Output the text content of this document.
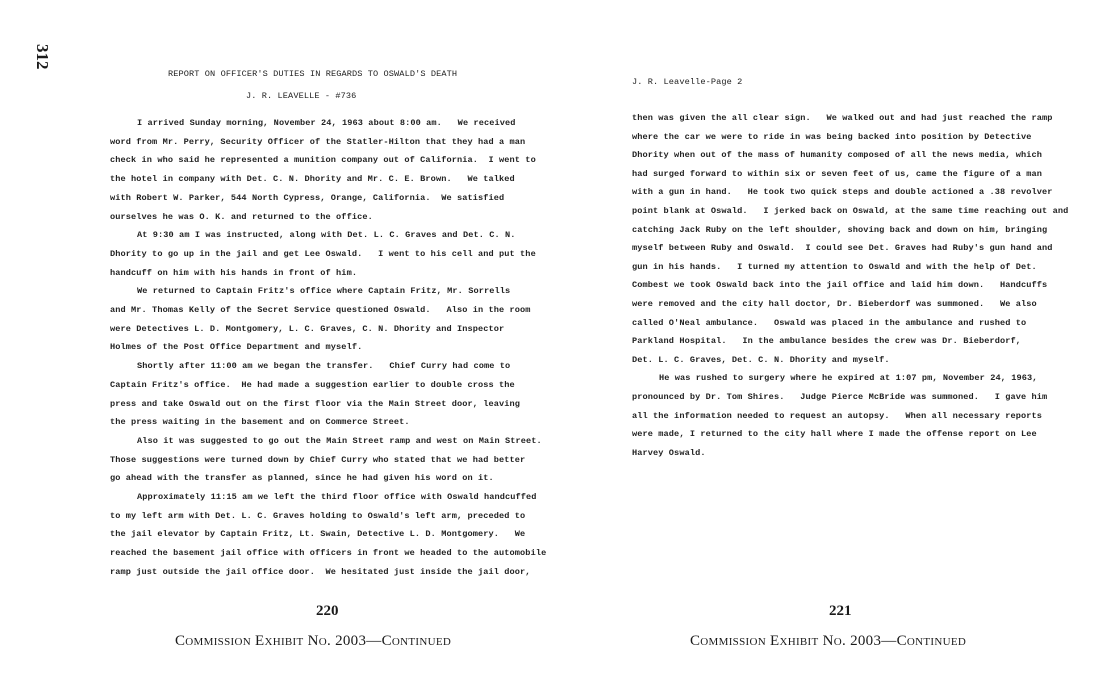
312
REPORT ON OFFICER'S DUTIES IN REGARDS TO OSWALD'S DEATH
J. R. LEAVELLE - #736
I arrived Sunday morning, November 24, 1963 about 8:00 am.   We received
word from Mr. Perry, Security Officer of the Statler-Hilton that they had a man
check in who said he represented a munition company out of California.  I went to
the hotel in company with Det. C. N. Dhority and Mr. C. E. Brown.   We talked
with Robert W. Parker, 544 North Cypress, Orange, California.  We satisfied
ourselves he was O. K. and returned to the office.
At 9:30 am I was instructed, along with Det. L. C. Graves and Det. C. N.
Dhority to go up in the jail and get Lee Oswald.   I went to his cell and put the
handcuff on him with his hands in front of him.
We returned to Captain Fritz's office where Captain Fritz, Mr. Sorrells
and Mr. Thomas Kelly of the Secret Service questioned Oswald.   Also in the room
were Detectives L. D. Montgomery, L. C. Graves, C. N. Dhority and Inspector
Holmes of the Post Office Department and myself.
Shortly after 11:00 am we began the transfer.   Chief Curry had come to
Captain Fritz's office.  He had made a suggestion earlier to double cross the
press and take Oswald out on the first floor via the Main Street door, leaving
the press waiting in the basement and on Commerce Street.
Also it was suggested to go out the Main Street ramp and west on Main Street.
Those suggestions were turned down by Chief Curry who stated that we had better
go ahead with the transfer as planned, since he had given his word on it.
Approximately 11:15 am we left the third floor office with Oswald handcuffed
to my left arm with Det. L. C. Graves holding to Oswald's left arm, preceded to
the jail elevator by Captain Fritz, Lt. Swain, Detective L. D. Montgomery.   We
reached the basement jail office with officers in front we headed to the automobile
ramp just outside the jail office door.  We hesitated just inside the jail door,
220
Commission Exhibit No. 2003—Continued
J. R. Leavelle-Page 2
then was given the all clear sign.   We walked out and had just reached the ramp
where the car we were to ride in was being backed into position by Detective
Dhority when out of the mass of humanity composed of all the news media, which
had surged forward to within six or seven feet of us, came the figure of a man
with a gun in hand.   He took two quick steps and double actioned a .38 revolver
point blank at Oswald.   I jerked back on Oswald, at the same time reaching out and
catching Jack Ruby on the left shoulder, shoving back and down on him, bringing
myself between Ruby and Oswald.  I could see Det. Graves had Ruby's gun hand and
gun in his hands.   I turned my attention to Oswald and with the help of Det.
Combest we took Oswald back into the jail office and laid him down.   Handcuffs
were removed and the city hall doctor, Dr. Bieberdorf was summoned.   We also
called O'Neal ambulance.   Oswald was placed in the ambulance and rushed to
Parkland Hospital.   In the ambulance besides the crew was Dr. Bieberdorf,
Det. L. C. Graves, Det. C. N. Dhority and myself.
He was rushed to surgery where he expired at 1:07 pm, November 24, 1963,
pronounced by Dr. Tom Shires.   Judge Pierce McBride was summoned.   I gave him
all the information needed to request an autopsy.   When all necessary reports
were made, I returned to the city hall where I made the offense report on Lee
Harvey Oswald.
221
Commission Exhibit No. 2003—Continued
